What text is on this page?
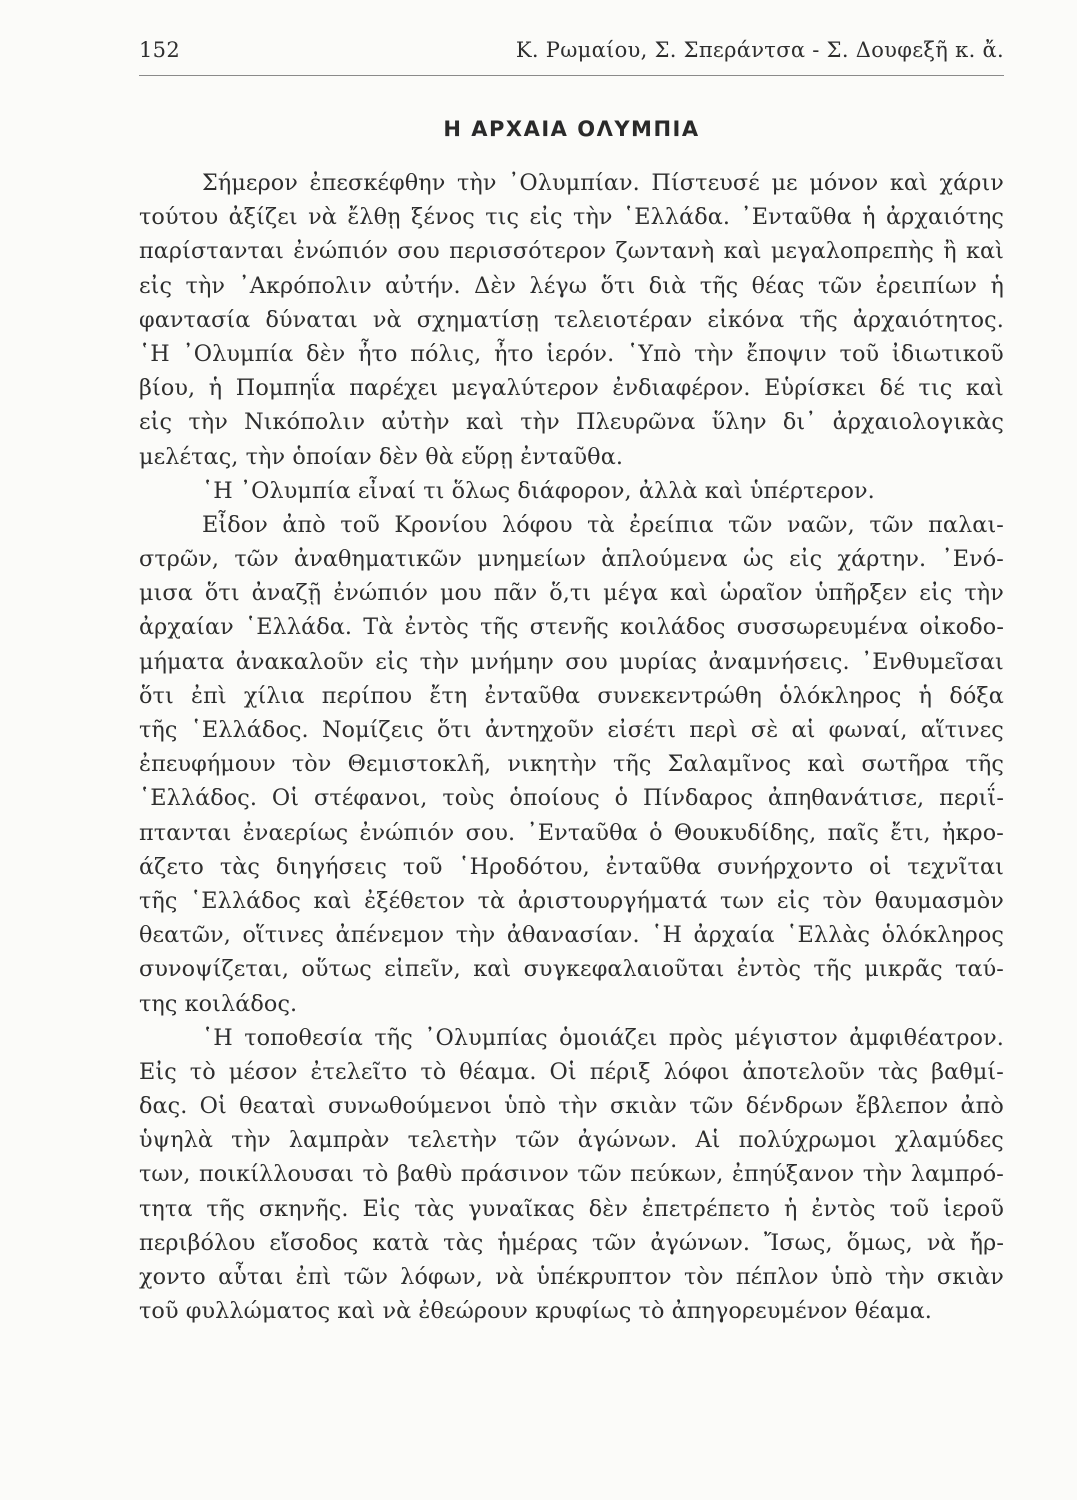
152	Κ. Ρωμαίου, Σ. Σπεράντσα - Σ. Δουφεξῆ κ. ἄ.
Η ΑΡΧΑΙΑ ΟΛΥΜΠΙΑ
Σήμερον ἐπεσκέφθην τὴν ᾿Ολυμπίαν. Πίστευσέ με μόνον καὶ χάριν
τούτου ἀξίζει νὰ ἔλθῃ ξένος τις εἰς τὴν ῾Ελλάδα. ᾿Ενταῦθα ἡ ἀρχαιότης
παρίστανται ἐνώπιόν σου περισσότερον ζωντανὴ καὶ μεγαλοπρεπὴς ἢ καὶ
εἰς τὴν ᾿Ακρόπολιν αὐτήν. Δὲν λέγω ὅτι διὰ τῆς θέας τῶν ἐρειπίων ἡ
φαντασία δύναται νὰ σχηματίσῃ τελειοτέραν εἰκόνα τῆς ἀρχαιότητος.
῾Η ᾿Ολυμπία δὲν ἦτο πόλις, ἦτο ἱερόν. ῾Υπὸ τὴν ἔποψιν τοῦ ἰδιωτικοῦ
βίου, ἡ Πομπηΐα παρέχει μεγαλύτερον ἐνδιαφέρον. Εὑρίσκει δέ τις καὶ
εἰς τὴν Νικόπολιν αὐτὴν καὶ τὴν Πλευρῶνα ὕλην δι᾿ ἀρχαιολογικὰς
μελέτας, τὴν ὁποίαν δὲν θὰ εὕρῃ ἐνταῦθα.
῾Η ᾿Ολυμπία εἶναί τι ὅλως διάφορον, ἀλλὰ καὶ ὑπέρτερον.
Εἶδον ἀπὸ τοῦ Κρονίου λόφου τὰ ἐρείπια τῶν ναῶν, τῶν παλαι-
στρῶν, τῶν ἀναθηματικῶν μνημείων ἁπλούμενα ὡς εἰς χάρτην. ᾿Ενό-
μισα ὅτι ἀναζῇ ἐνώπιόν μου πᾶν ὅ,τι μέγα καὶ ὡραῖον ὑπῆρξεν εἰς τὴν
ἀρχαίαν ῾Ελλάδα. Τὰ ἐντὸς τῆς στενῆς κοιλάδος συσσωρευμένα οἰκοδο-
μήματα ἀνακαλοῦν εἰς τὴν μνήμην σου μυρίας ἀναμνήσεις. ᾿Ενθυμεῖσαι
ὅτι ἐπὶ χίλια περίπου ἔτη ἐνταῦθα συνεκεντρώθη ὁλόκληρος ἡ δόξα
τῆς ῾Ελλάδος. Νομίζεις ὅτι ἀντηχοῦν εἰσέτι περὶ σὲ αἱ φωναί, αἵτινες
ἐπευφήμουν τὸν Θεμιστοκλῆ, νικητὴν τῆς Σαλαμῖνος καὶ σωτῆρα τῆς
῾Ελλάδος. Οἱ στέφανοι, τοὺς ὁποίους ὁ Πίνδαρος ἀπηθανάτισε, περιΐ-
πτανται ἐναερίως ἐνώπιόν σου. ᾿Ενταῦθα ὁ Θουκυδίδης, παῖς ἔτι, ἠκρο-
άζετο τὰς διηγήσεις τοῦ ῾Ηροδότου, ἐνταῦθα συνήρχοντο οἱ τεχνῖται
τῆς ῾Ελλάδος καὶ ἐξέθετον τὰ ἀριστουργήματά των εἰς τὸν θαυμασμὸν
θεατῶν, οἵτινες ἀπένεμον τὴν ἀθανασίαν. ῾Η ἀρχαία ῾Ελλὰς ὁλόκληρος
συνοψίζεται, οὕτως εἰπεῖν, καὶ συγκεφαλαιοῦται ἐντὸς τῆς μικρᾶς ταύ-
της κοιλάδος.
῾Η τοποθεσία τῆς ᾿Ολυμπίας ὁμοιάζει πρὸς μέγιστον ἀμφιθέατρον.
Εἰς τὸ μέσον ἐτελεῖτο τὸ θέαμα. Οἱ πέριξ λόφοι ἀποτελοῦν τὰς βαθμί-
δας. Οἱ θεαταὶ συνωθούμενοι ὑπὸ τὴν σκιὰν τῶν δένδρων ἔβλεπον ἀπὸ
ὑψηλὰ τὴν λαμπρὰν τελετὴν τῶν ἀγώνων. Αἱ πολύχρωμοι χλαμύδες
των, ποικίλλουσαι τὸ βαθὺ πράσινον τῶν πεύκων, ἐπηύξανον τὴν λαμπρό-
τητα τῆς σκηνῆς. Εἰς τὰς γυναῖκας δὲν ἐπετρέπετο ἡ ἐντὸς τοῦ ἱεροῦ
περιβόλου εἴσοδος κατὰ τὰς ἡμέρας τῶν ἀγώνων. Ἴσως, ὅμως, νὰ ἤρ-
χοντο αὗται ἐπὶ τῶν λόφων, νὰ ὑπέκρυπτον τὸν πέπλον ὑπὸ τὴν σκιὰν
τοῦ φυλλώματος καὶ νὰ ἐθεώρουν κρυφίως τὸ ἀπηγορευμένον θέαμα.
